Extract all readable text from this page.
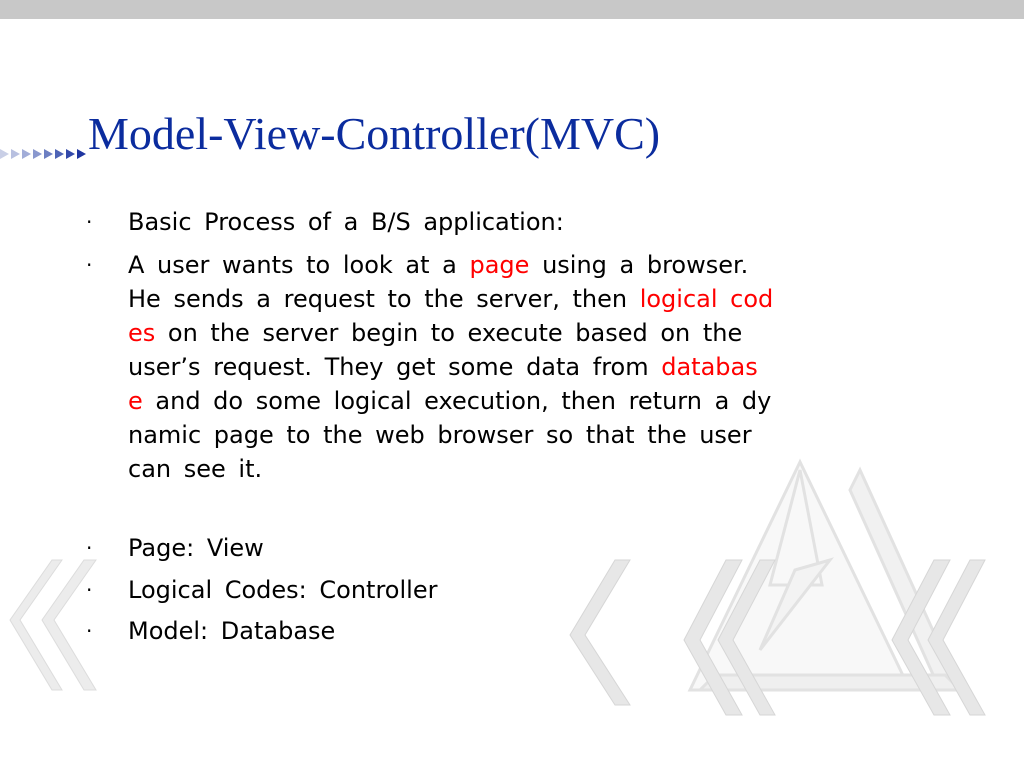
Model-View-Controller(MVC)
· Basic Process of a B/S application:
· A user wants to look at a page using a browser.
He sends a request to the server, then logical cod
es on the server begin to execute based on the
user’s request. They get some data from databas
e and do some logical execution, then return a dy
namic page to the web browser so that the user
can see it.
· Page: View
· Logical Codes: Controller
· Model: Database
